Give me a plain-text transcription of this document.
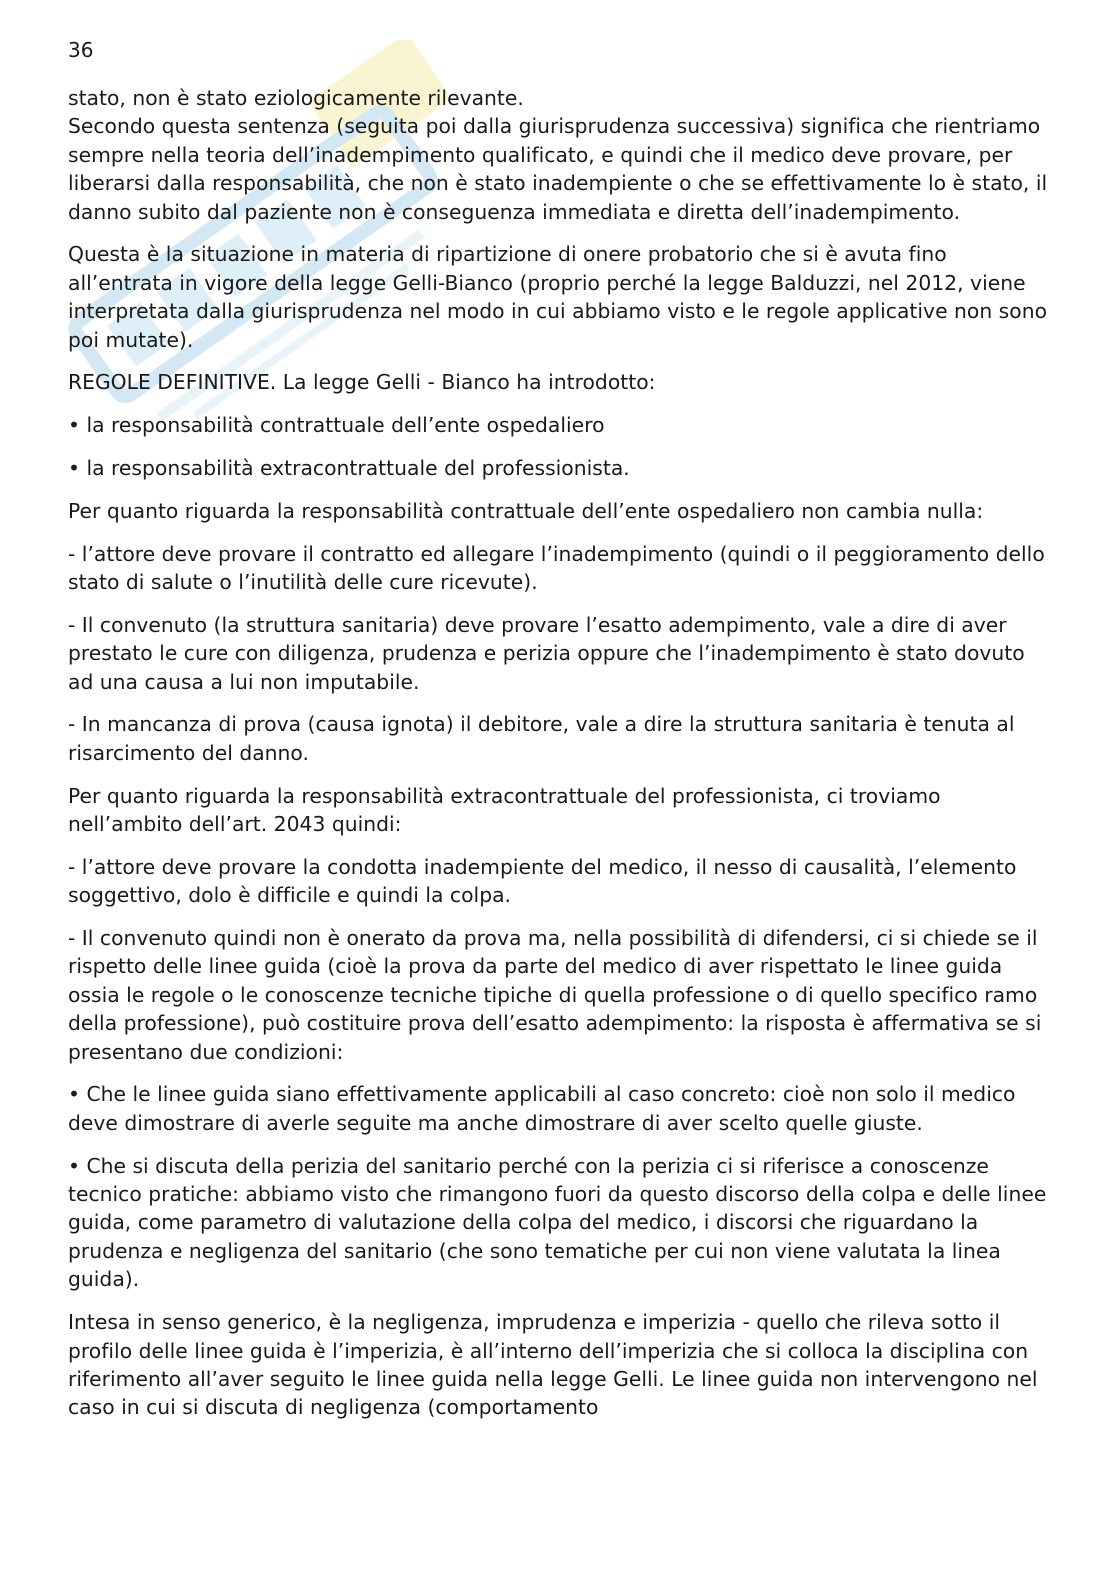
36

stato, non è stato eziologicamente rilevante.

Secondo questa sentenza (seguita poi dalla giurisprudenza successiva) significa che rientriamo sempre nella teoria dell’inadempimento qualificato, e quindi che il medico deve provare, per liberarsi dalla responsabilità, che non è stato inadempiente o che se effettivamente lo è stato, il danno subito dal paziente non è conseguenza immediata e diretta dell’inadempimento.

Questa è la situazione in materia di ripartizione di onere probatorio che si è avuta fino all’entrata in vigore della legge Gelli-Bianco (proprio perché la legge Balduzzi, nel 2012, viene interpretata dalla giurisprudenza nel modo in cui abbiamo visto e le regole applicative non sono poi mutate).

REGOLE DEFINITIVE. La legge Gelli - Bianco ha introdotto:

• la responsabilità contrattuale dell’ente ospedaliero

• la responsabilità extracontrattuale del professionista.

Per quanto riguarda la responsabilità contrattuale dell’ente ospedaliero non cambia nulla:

- l’attore deve provare il contratto ed allegare l’inadempimento (quindi o il peggioramento dello stato di salute o l’inutilità delle cure ricevute).

- Il convenuto (la struttura sanitaria) deve provare l’esatto adempimento, vale a dire di aver prestato le cure con diligenza, prudenza e perizia oppure che l’inadempimento è stato dovuto ad una causa a lui non imputabile.

- In mancanza di prova (causa ignota) il debitore, vale a dire la struttura sanitaria è tenuta al risarcimento del danno.

Per quanto riguarda la responsabilità extracontrattuale del professionista, ci troviamo nell’ambito dell’art. 2043 quindi:

- l’attore deve provare la condotta inadempiente del medico, il nesso di causalità, l’elemento soggettivo, dolo è difficile e quindi la colpa.

- Il convenuto quindi non è onerato da prova ma, nella possibilità di difendersi, ci si chiede se il rispetto delle linee guida (cioè la prova da parte del medico di aver rispettato le linee guida ossia le regole o le conoscenze tecniche tipiche di quella professione o di quello specifico ramo della professione), può costituire prova dell’esatto adempimento: la risposta è affermativa se si presentano due condizioni:

• Che le linee guida siano effettivamente applicabili al caso concreto: cioè non solo il medico deve dimostrare di averle seguite ma anche dimostrare di aver scelto quelle giuste.

• Che si discuta della perizia del sanitario perché con la perizia ci si riferisce a conoscenze tecnico pratiche: abbiamo visto che rimangono fuori da questo discorso della colpa e delle linee guida, come parametro di valutazione della colpa del medico, i discorsi che riguardano la prudenza e negligenza del sanitario (che sono tematiche per cui non viene valutata la linea guida).

Intesa in senso generico, è la negligenza, imprudenza e imperizia - quello che rileva sotto il profilo delle linee guida è l’imperizia, è all’interno dell’imperizia che si colloca la disciplina con riferimento all’aver seguito le linee guida nella legge Gelli. Le linee guida non intervengono nel caso in cui si discuta di negligenza (comportamento
